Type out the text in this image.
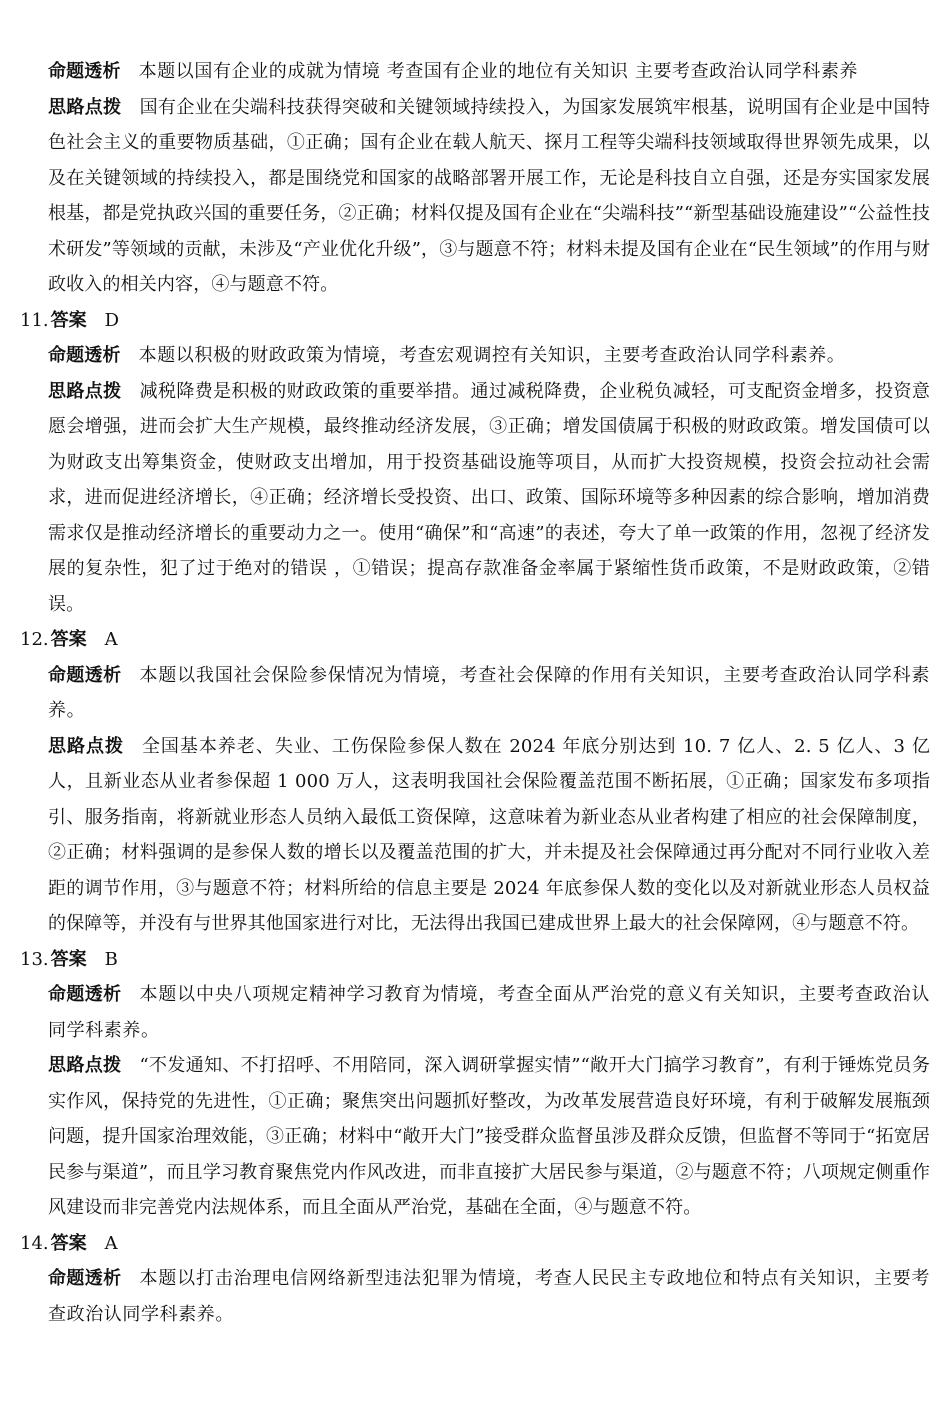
命题透析 本题以国有企业的成就为情境 考查国有企业的地位有关知识 主要考查政治认同学科素养

思路点拨 国有企业在尖端科技获得突破和关键领域持续投入，为国家发展筑牢根基，说明国有企业是中国特色社会主义的重要物质基础，①正确；国有企业在载人航天、探月工程等尖端科技领域取得世界领先成果，以及在关键领域的持续投入，都是围绕党和国家的战略部署开展工作，无论是科技自立自强，还是夯实国家发展根基，都是党执政兴国的重要任务，②正确；材料仅提及国有企业在“尖端科技”“新型基础设施建设”“公益性技术研发”等领域的贡献，未涉及“产业优化升级”，③与题意不符；材料未提及国有企业在“民生领域”的作用与财政收入的相关内容，④与题意不符。

11. 答案 D

命题透析 本题以积极的财政政策为情境，考查宏观调控有关知识，主要考查政治认同学科素养。

思路点拨 减税降费是积极的财政政策的重要举措。通过减税降费，企业税负减轻，可支配资金增多，投资意愿会增强，进而会扩大生产规模，最终推动经济发展，③正确；增发国债属于积极的财政政策。增发国债可以为财政支出筹集资金，使财政支出增加，用于投资基础设施等项目，从而扩大投资规模，投资会拉动社会需求，进而促进经济增长，④正确；经济增长受投资、出口、政策、国际环境等多种因素的综合影响，增加消费需求仅是推动经济增长的重要动力之一。使用“确保”和“高速”的表述，夸大了单一政策的作用，忽视了经济发展的复杂性，犯了过于绝对的错误 ，①错误；提高存款准备金率属于紧缩性货币政策，不是财政政策，②错误。

12. 答案 A

命题透析 本题以我国社会保险参保情况为情境，考查社会保障的作用有关知识，主要考查政治认同学科素养。

思路点拨 全国基本养老、失业、工伤保险参保人数在 2024 年底分别达到 10. 7 亿人、2. 5 亿人、3 亿人，且新业态从业者参保超 1 000 万人，这表明我国社会保险覆盖范围不断拓展，①正确；国家发布多项指引、服务指南，将新就业形态人员纳入最低工资保障，这意味着为新业态从业者构建了相应的社会保障制度，②正确；材料强调的是参保人数的增长以及覆盖范围的扩大，并未提及社会保障通过再分配对不同行业收入差距的调节作用，③与题意不符；材料所给的信息主要是 2024 年底参保人数的变化以及对新就业形态人员权益的保障等，并没有与世界其他国家进行对比，无法得出我国已建成世界上最大的社会保障网，④与题意不符。

13. 答案 B

命题透析 本题以中央八项规定精神学习教育为情境，考查全面从严治党的意义有关知识，主要考查政治认同学科素养。

思路点拨 “不发通知、不打招呼、不用陪同，深入调研掌握实情”“敞开大门搞学习教育”，有利于锤炼党员务实作风，保持党的先进性，①正确；聚焦突出问题抓好整改，为改革发展营造良好环境，有利于破解发展瓶颈问题，提升国家治理效能，③正确；材料中“敞开大门”接受群众监督虽涉及群众反馈，但监督不等同于“拓宽居民参与渠道”，而且学习教育聚焦党内作风改进，而非直接扩大居民参与渠道，②与题意不符；八项规定侧重作风建设而非完善党内法规体系，而且全面从严治党，基础在全面，④与题意不符。

14. 答案 A

命题透析 本题以打击治理电信网络新型违法犯罪为情境，考查人民民主专政地位和特点有关知识，主要考查政治认同学科素养。
